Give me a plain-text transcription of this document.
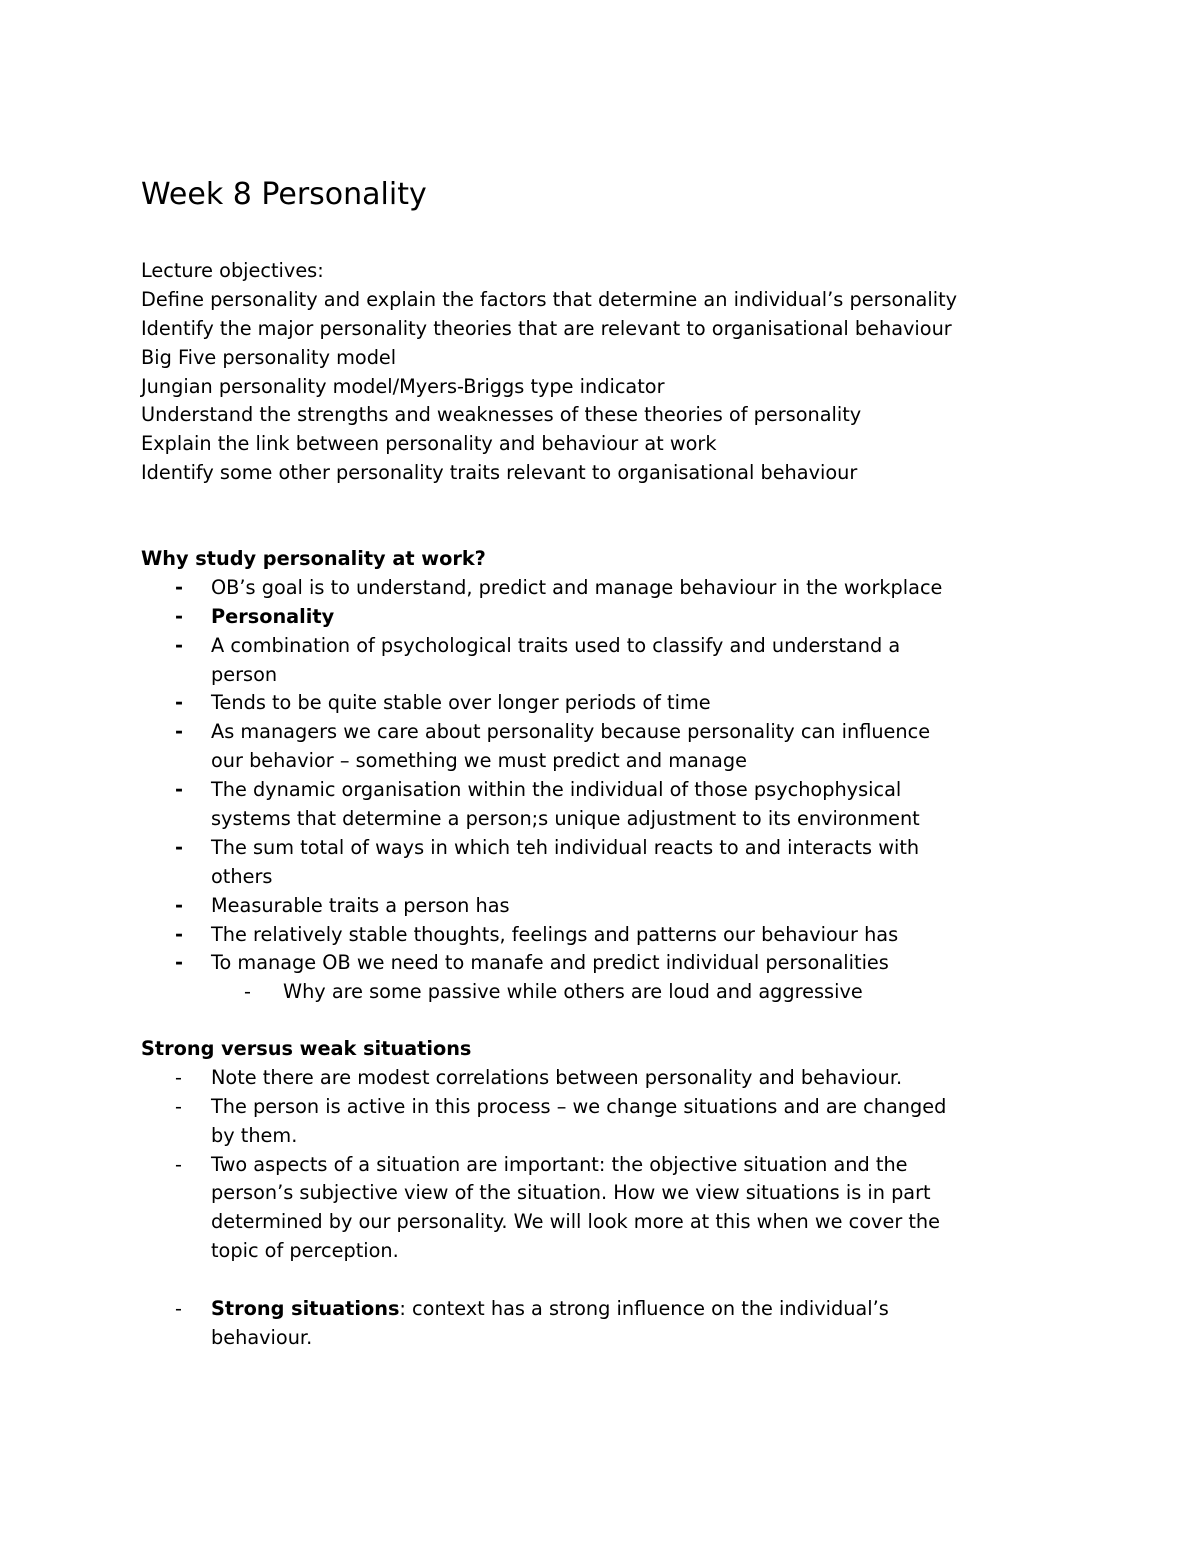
Week 8 Personality
Lecture objectives:
Define personality and explain the factors that determine an individual’s personality
Identify the major personality theories that are relevant to organisational behaviour
Big Five personality model
Jungian personality model/Myers-Briggs type indicator
Understand the strengths and weaknesses of these theories of personality
Explain the link between personality and behaviour at work
Identify some other personality traits relevant to organisational behaviour
Why study personality at work?
-	OB’s goal is to understand, predict and manage behaviour in the workplace
-	Personality
-	A combination of psychological traits used to classify and understand a
person
-	Tends to be quite stable over longer periods of time
-	As managers we care about personality because personality can influence
our behavior – something we must predict and manage
-	The dynamic organisation within the individual of those psychophysical
systems that determine a person;s unique adjustment to its environment
-	The sum total of ways in which teh individual reacts to and interacts with
others
-	Measurable traits a person has
-	The relatively stable thoughts, feelings and patterns our behaviour has
-	To manage OB we need to manafe and predict individual personalities
-	Why are some passive while others are loud and aggressive
Strong versus weak situations
-	Note there are modest correlations between personality and behaviour.
-	The person is active in this process – we change situations and are changed
by them.
-	Two aspects of a situation are important: the objective situation and the
person’s subjective view of the situation. How we view situations is in part
determined by our personality. We will look more at this when we cover the
topic of perception.
-	Strong situations: context has a strong influence on the individual’s
behaviour.
